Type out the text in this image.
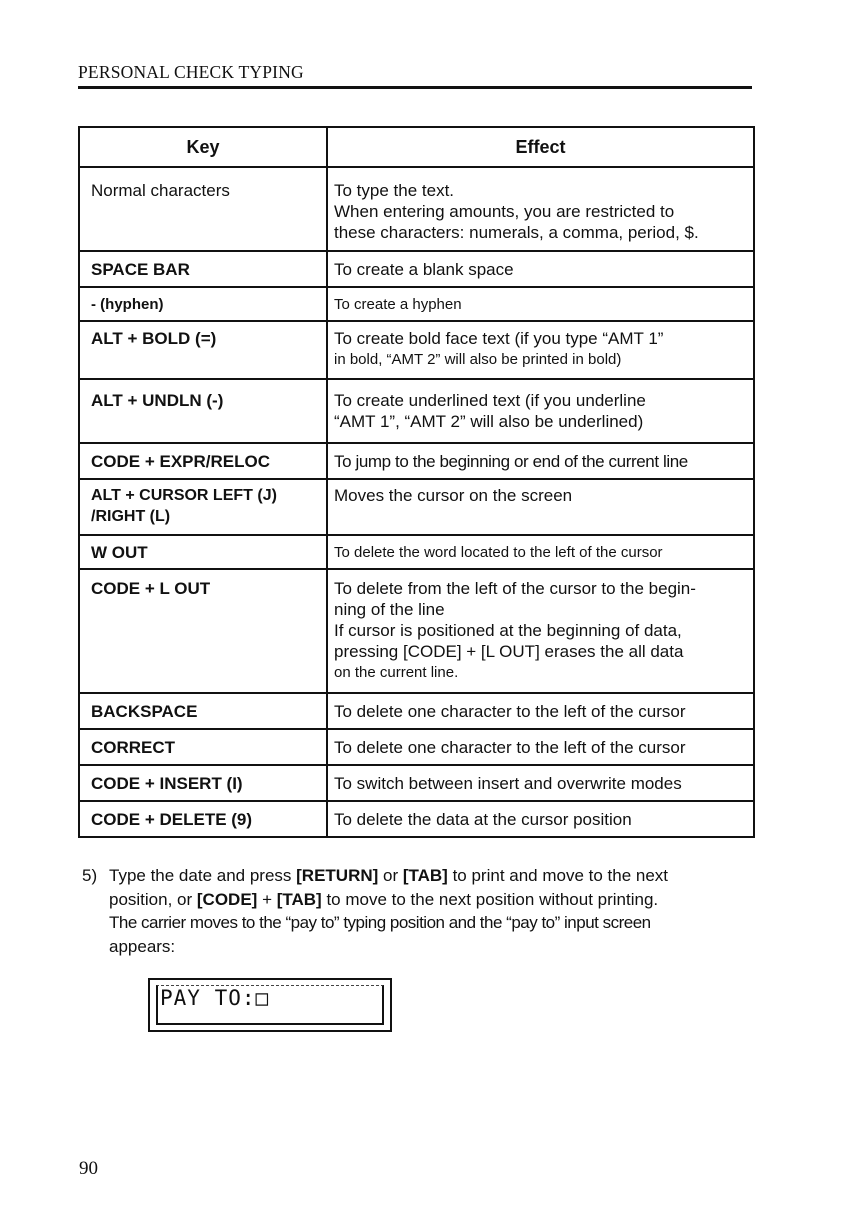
PERSONAL CHECK TYPING
Key	Effect

Normal characters	To type the text.
When entering amounts, you are restricted to
these characters: numerals, a comma, period, $.

SPACE BAR	To create a blank space

- (hyphen)	To create a hyphen

ALT + BOLD (=)	To create bold face text (if you type “AMT 1”
in bold, “AMT 2” will also be printed in bold)

ALT + UNDLN (-)	To create underlined text (if you underline
“AMT 1”, “AMT 2” will also be underlined)

CODE + EXPR/RELOC	To jump to the beginning or end of the current line

ALT + CURSOR LEFT (J)
/RIGHT (L)	Moves the cursor on the screen

W OUT	To delete the word located to the left of the cursor

CODE + L OUT	To delete from the left of the cursor to the begin-
ning of the line
If cursor is positioned at the beginning of data,
pressing [CODE] + [L OUT] erases the all data
on the current line.

BACKSPACE	To delete one character to the left of the cursor

CORRECT	To delete one character to the left of the cursor

CODE + INSERT (I)	To switch between insert and overwrite modes

CODE + DELETE (9)	To delete the data at the cursor position
5) Type the date and press [RETURN] or [TAB] to print and move to the next
position, or [CODE] + [TAB] to move to the next position without printing.
The carrier moves to the “pay to” typing position and the “pay to” input screen
appears:
PAY TO:□
90
